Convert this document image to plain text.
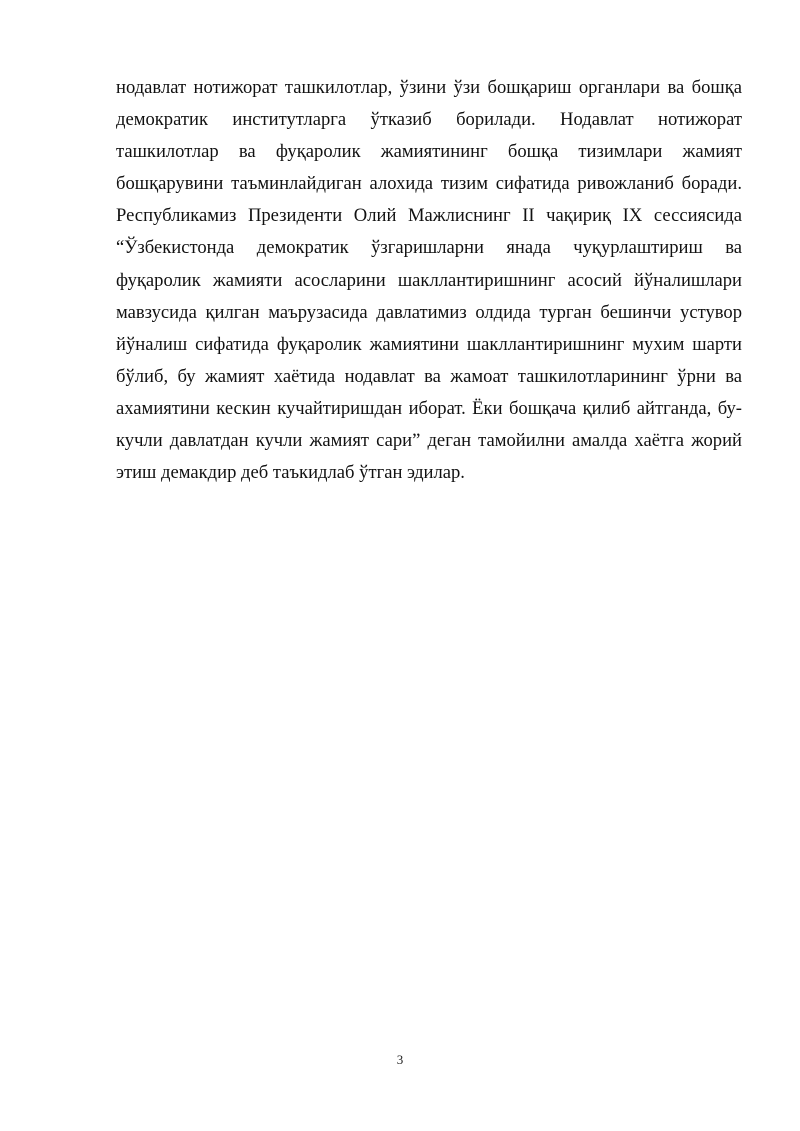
нодавлат нотижорат ташкилотлар, ўзини ўзи бошқариш органлари ва бошқа
демократик институтларга ўтказиб борилади. Нодавлат нотижорат
ташкилотлар ва фуқаролик жамиятининг бошқа тизимлари жамият
бошқарувини таъминлайдиган алохида тизим сифатида ривожланиб боради.
Республикамиз Президенти Олий Мажлиснинг II чақириқ IX сессиясида
“Ўзбекистонда демократик ўзгаришларни янада чуқурлаштириш ва
фуқаролик жамияти асосларини шакллантиришнинг асосий йўналишлари
мавзусида қилган маърузасида давлатимиз олдида турган бешинчи устувор
йўналиш сифатида фуқаролик жамиятини шакллантиришнинг мухим шарти
бўлиб, бу жамият хаётида нодавлат ва жамоат ташкилотларининг ўрни ва
ахамиятини кескин кучайтиришдан иборат. Ёки бошқача қилиб айтганда, бу-
кучли давлатдан кучли жамият сари” деган тамойилни амалда хаётга жорий
этиш демакдир деб таъкидлаб ўтган эдилар.
3
